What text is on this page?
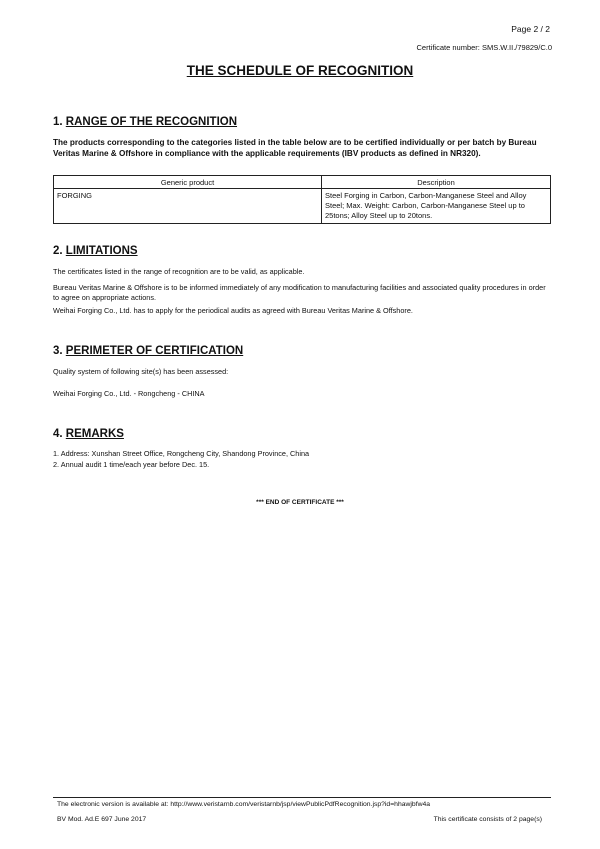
Page 2 / 2
Certificate number: SMS.W.II./79829/C.0
THE SCHEDULE OF RECOGNITION
1. RANGE OF THE RECOGNITION
The products corresponding to the categories listed in the table below are to be certified individually or per batch by Bureau Veritas Marine & Offshore in compliance with the applicable requirements (IBV products as defined in NR320).
Generic product	Description
FORGING	Steel Forging in Carbon, Carbon-Manganese Steel and Alloy Steel; Max. Weight: Carbon, Carbon-Manganese Steel up to 25tons; Alloy Steel up to 20tons.
2. LIMITATIONS
The certificates listed in the range of recognition are to be valid, as applicable.
Bureau Veritas Marine & Offshore is to be informed immediately of any modification to manufacturing facilities and associated quality procedures in order to agree on appropriate actions.
Weihai Forging Co., Ltd. has to apply for the periodical audits as agreed with Bureau Veritas Marine & Offshore.
3. PERIMETER OF CERTIFICATION
Quality system of following site(s) has been assessed:
Weihai Forging Co., Ltd. - Rongcheng - CHINA
4. REMARKS
1. Address: Xunshan Street Office, Rongcheng City, Shandong Province, China
2. Annual audit 1 time/each year before Dec. 15.
*** END OF CERTIFICATE ***
The electronic version is available at: http://www.veristarnb.com/veristarnb/jsp/viewPublicPdfRecognition.jsp?id=hhawjbfw4a
BV Mod. Ad.E 697 June 2017	This certificate consists of 2 page(s)
